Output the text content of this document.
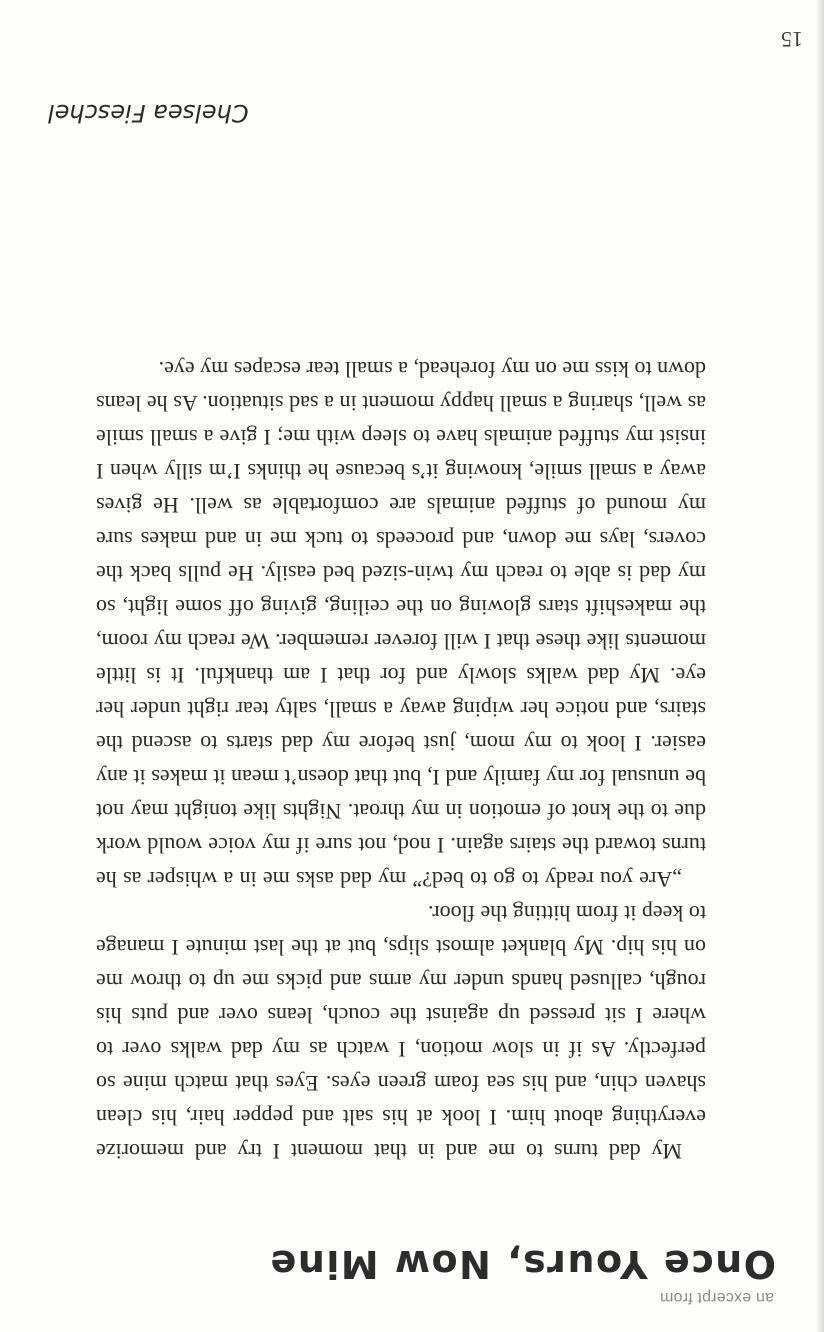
an excerpt from
Once Yours, Now Mine

My dad turns to me and in that moment I try and memorize everything about him. I look at his salt and pepper hair, his clean shaven chin, and his sea foam green eyes. Eyes that match mine so perfectly. As if in slow motion, I watch as my dad walks over to where I sit pressed up against the couch, leans over and puts his rough, callused hands under my arms and picks me up to throw me on his hip. My blanket almost slips, but at the last minute I manage to keep it from hitting the floor.

„Are you ready to go to bed?” my dad asks me in a whisper as he turns toward the stairs again. I nod, not sure if my voice would work due to the knot of emotion in my throat. Nights like tonight may not be unusual for my family and I, but that doesn’t mean it makes it any easier. I look to my mom, just before my dad starts to ascend the stairs, and notice her wiping away a small, salty tear right under her eye. My dad walks slowly and for that I am thankful. It is little moments like these that I will forever remember. We reach my room, the makeshift stars glowing on the ceiling, giving off some light, so my dad is able to reach my twin-sized bed easily. He pulls back the covers, lays me down, and proceeds to tuck me in and makes sure my mound of stuffed animals are comfortable as well. He gives away a small smile, knowing it’s because he thinks I’m silly when I insist my stuffed animals have to sleep with me; I give a small smile as well, sharing a small happy moment in a sad situation. As he leans down to kiss me on my forehead, a small tear escapes my eye.

Chelsea Fieschel
15
